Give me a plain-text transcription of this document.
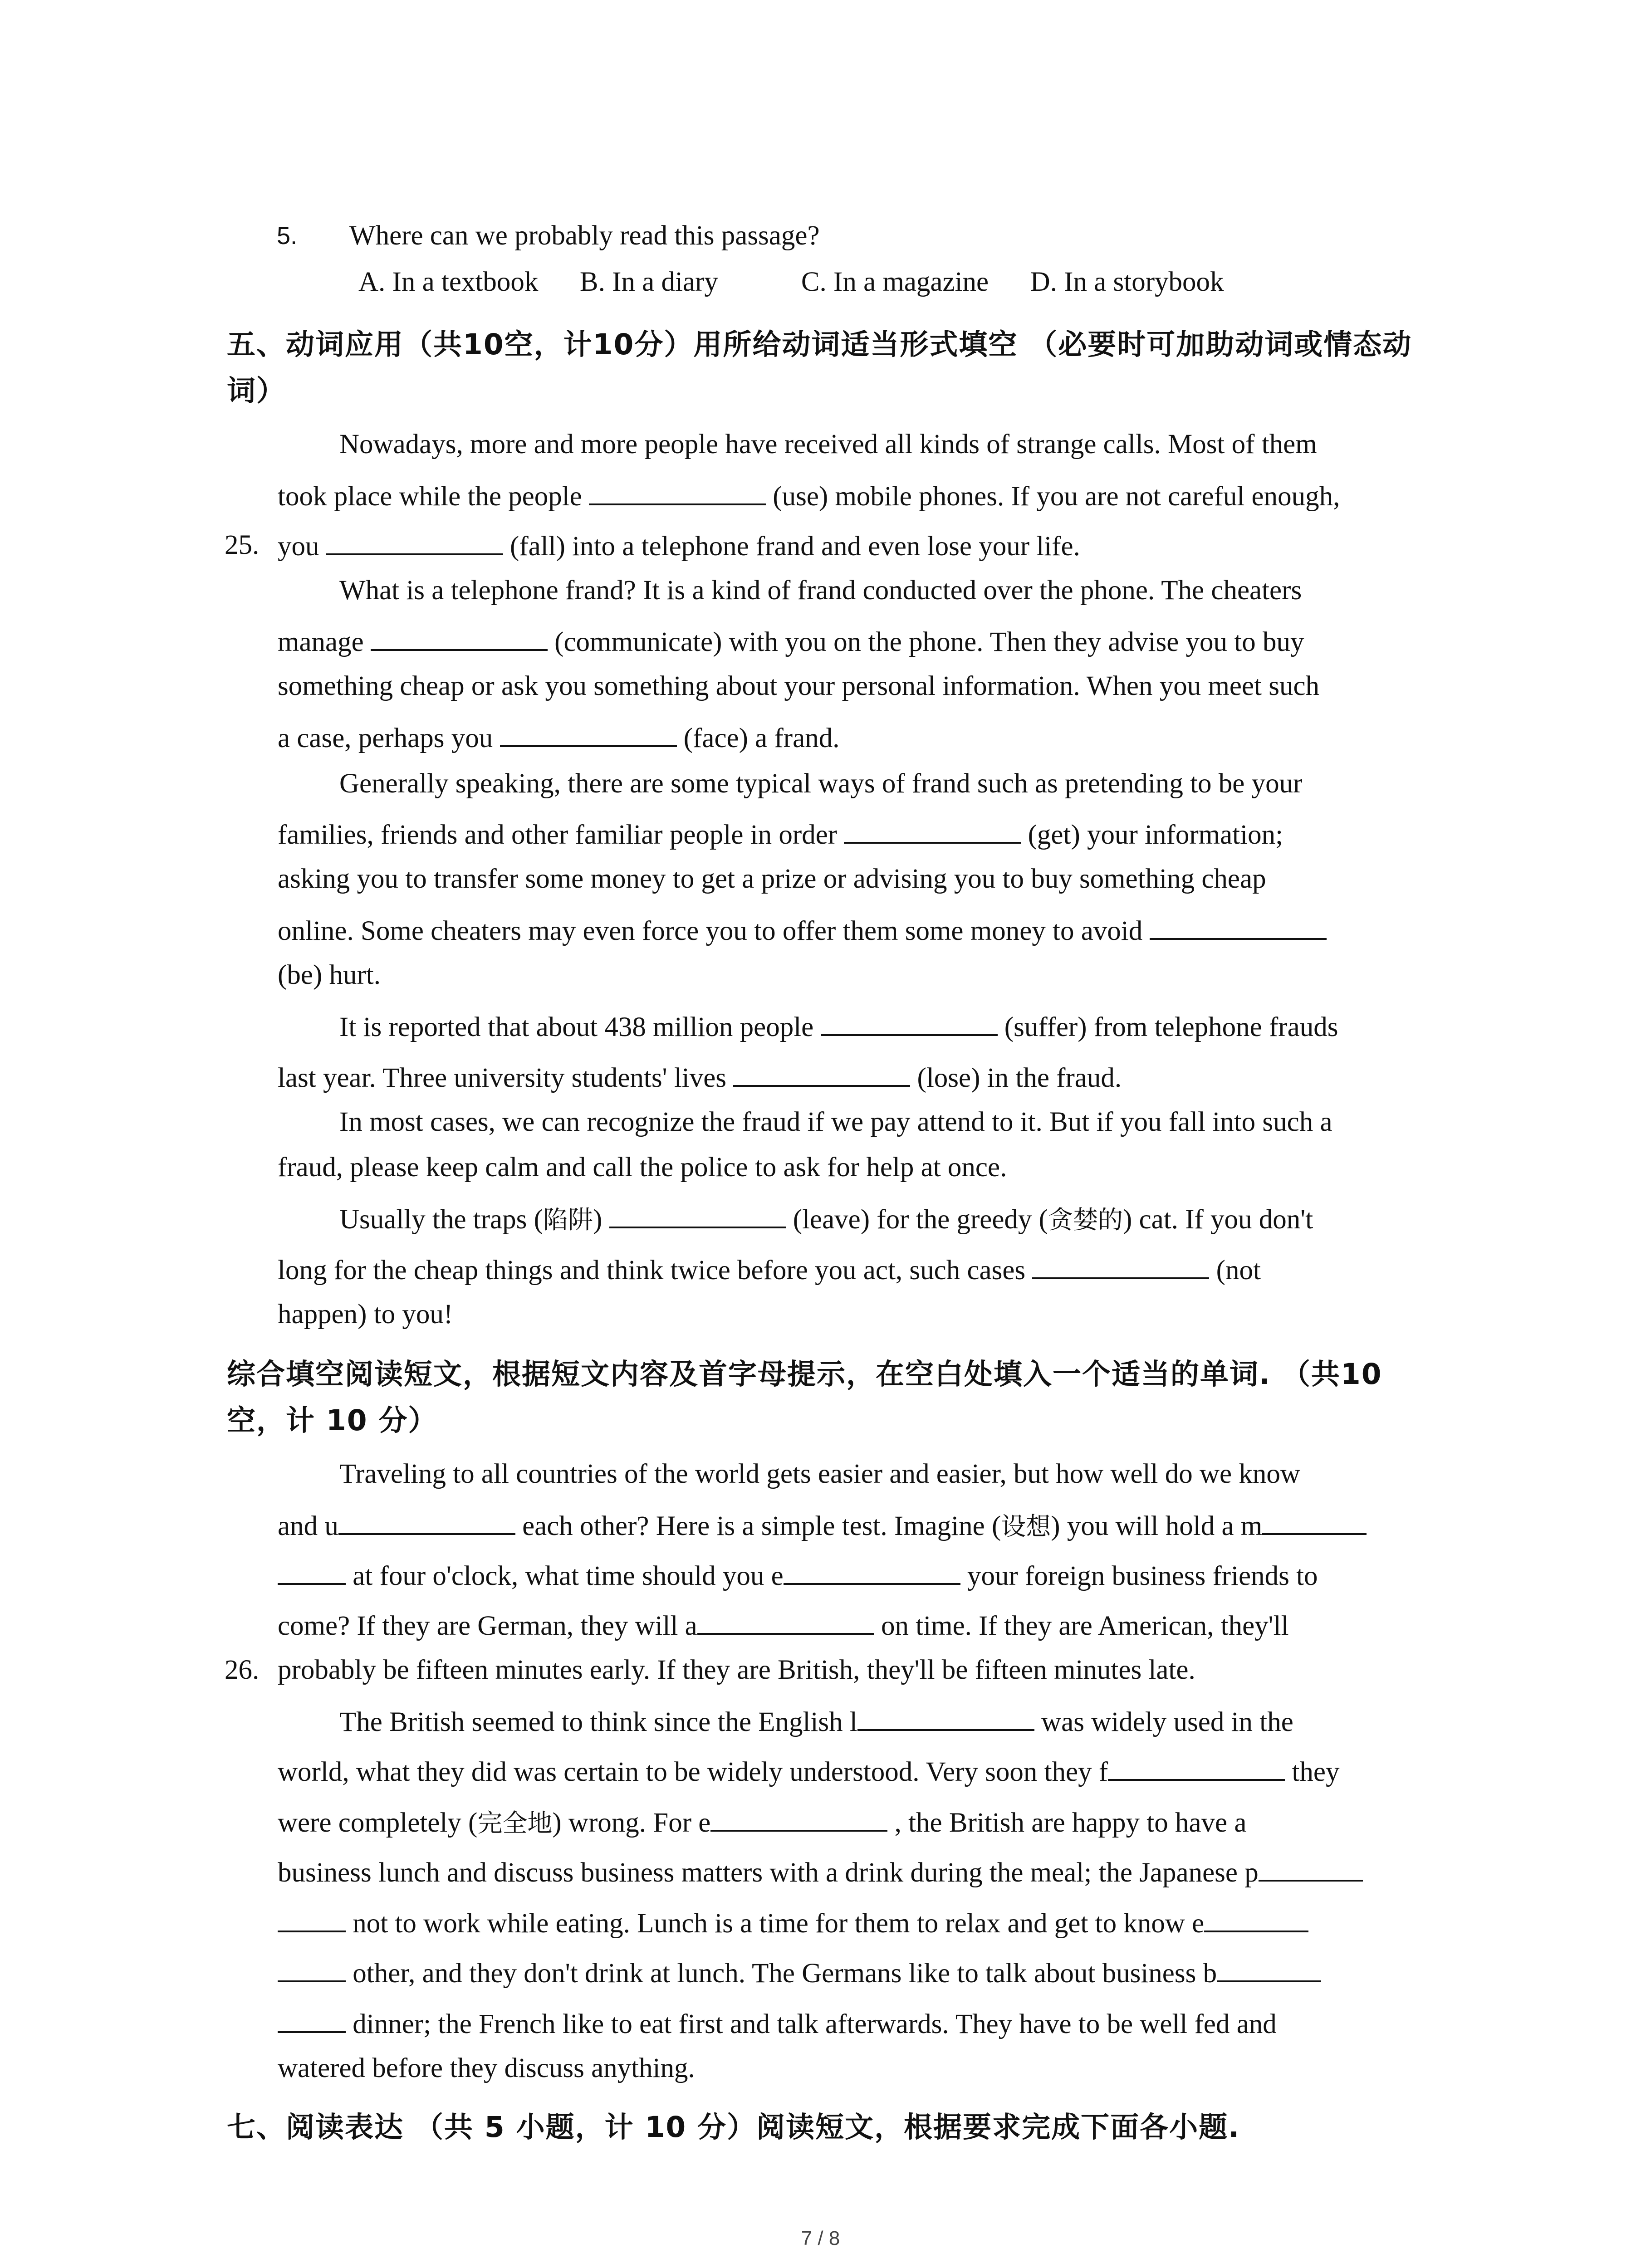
5. Where can we probably read this passage?
A. In a textbook      B. In a diary            C. In a magazine      D. In a storybook
五、动词应用（共10空，计10分）用所给动词适当形式填空 （必要时可加助动词或情态动
词）
Nowadays, more and more people have received all kinds of strange calls. Most of them
took place while the people	(use) mobile phones. If you are not careful enough,
25. you	(fall) into a telephone frand and even lose your life.
What is a telephone frand? It is a kind of frand conducted over the phone. The cheaters
manage	(communicate) with you on the phone. Then they advise you to buy
something cheap or ask you something about your personal information. When you meet such
a case, perhaps you	(face) a frand.
Generally speaking, there are some typical ways of frand such as pretending to be your
families, friends and other familiar people in order	(get) your information;
asking you to transfer some money to get a prize or advising you to buy something cheap
online. Some cheaters may even force you to offer them some money to avoid
(be) hurt.
It is reported that about 438 million people	(suffer) from telephone frauds
last year. Three university students' lives	(lose) in the fraud.
In most cases, we can recognize the fraud if we pay attend to it. But if you fall into such a
fraud, please keep calm and call the police to ask for help at once.
Usually the traps (陷阱)	(leave) for the greedy (贪婪的) cat. If you don't
long for the cheap things and think twice before you act, such cases	(not
happen) to you!
综合填空阅读短文，根据短文内容及首字母提示，在空白处填入一个适当的单词. （共10
空，计 10 分）
Traveling to all countries of the world gets easier and easier, but how well do we know
and u	each other? Here is a simple test. Imagine (设想) you will hold a m
at four o'clock, what time should you e	your foreign business friends to
come? If they are German, they will a	on time. If they are American, they'll
26. probably be fifteen minutes early. If they are British, they'll be fifteen minutes late.
The British seemed to think since the English l	was widely used in the
world, what they did was certain to be widely understood. Very soon they f	they
were completely (完全地) wrong. For e	, the British are happy to have a
business lunch and discuss business matters with a drink during the meal; the Japanese p
not to work while eating. Lunch is a time for them to relax and get to know e
other, and they don't drink at lunch. The Germans like to talk about business b
dinner; the French like to eat first and talk afterwards. They have to be well fed and
watered before they discuss anything.
七、阅读表达 （共 5 小题，计 10 分）阅读短文，根据要求完成下面各小题.
7 / 8
